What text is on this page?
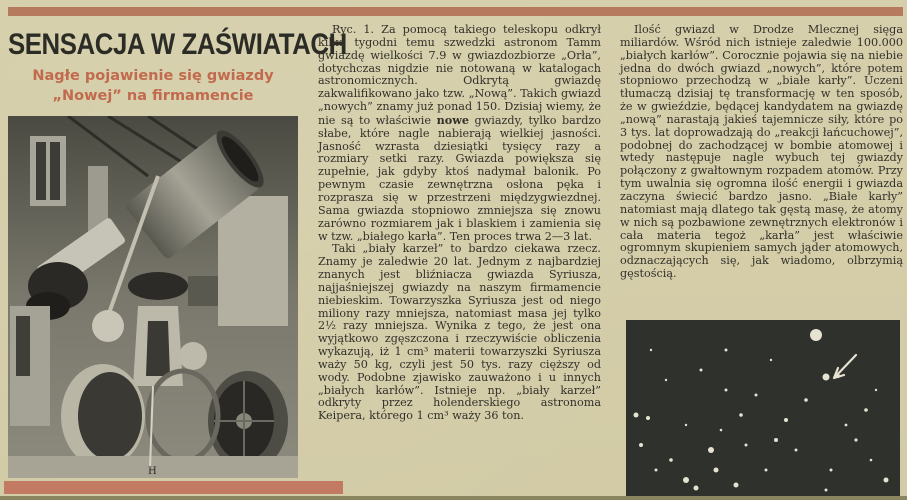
SENSACJA W ZAŚWIATACH
Nagłe pojawienie się gwiazdy
„Nowej” na firmamencie
H

Ryc. 1. Za pomocą takiego teleskopu odkrył kilka tygodni temu szwedzki astronom Tamm gwiazdę wielkości 7.9 w gwiazdozbiorze „Orła”, dotychczas nigdzie nie notowaną w katalogach astronomicznych. Odkrytą gwiazdę zakwalifikowano jako tzw. „Nową”. Takich gwiazd „nowych” znamy już ponad 150. Dzisiaj wiemy, że nie są to właściwie nowe gwiazdy, tylko bardzo słabe, które nagle nabierają wielkiej jasności. Jasność wzrasta dziesiątki tysięcy razy a rozmiary setki razy. Gwiazda powiększa się zupełnie, jak gdyby ktoś nadymał balonik. Po pewnym czasie zewnętrzna osłona pęka i rozprasza się w przestrzeni międzygwiezdnej. Sama gwiazda stopniowo zmniejsza się znowu zarówno rozmiarem jak i blaskiem i zamienia się w tzw. „białego karła”. Ten proces trwa 2—3 lat.

Taki „biały karzeł” to bardzo ciekawa rzecz. Znamy je zaledwie 20 lat. Jednym z najbardziej znanych jest bliźniacza gwiazda Syriusza, najjaśniejszej gwiazdy na naszym firmamencie niebieskim. Towarzyszka Syriusza jest od niego miliony razy mniejsza, natomiast masa jej tylko 2½ razy mniejsza. Wynika z tego, że jest ona wyjątkowo zgęszczona i rzeczywiście obliczenia wykazują, iż 1 cm³ materii towarzyszki Syriusza waży 50 kg, czyli jest 50 tys. razy cięższy od wody. Podobne zjawisko zauważono i u innych „białych karłów”. Istnieje np. „biały karzeł” odkryty przez holenderskiego astronoma Keipera, którego 1 cm³ waży 36 ton.

Ilość gwiazd w Drodze Mlecznej sięga miliardów. Wśród nich istnieje zaledwie 100.000 „białych karłów”. Corocznie pojawia się na niebie jedna do dwóch gwiazd „nowych”, które potem stopniowo przechodzą w „białe karły”. Uczeni tłumaczą dzisiaj tę transformację w ten sposób, że w gwieździe, będącej kandydatem na gwiazdę „nową” narastają jakieś tajemnicze siły, które po 3 tys. lat doprowadzają do „reakcji łańcuchowej”, podobnej do zachodzącej w bombie atomowej i wtedy następuje nagle wybuch tej gwiazdy połączony z gwałtownym rozpadem atomów. Przy tym uwalnia się ogromna ilość energii i gwiazda zaczyna świecić bardzo jasno. „Białe karły” natomiast mają dlatego tak gęstą masę, że atomy w nich są pozbawione zewnętrznych elektronów i cała materia tegoż „karła” jest właściwie ogromnym skupieniem samych jąder atomowych, odznaczających się, jak wiadomo, olbrzymią gęstością.
